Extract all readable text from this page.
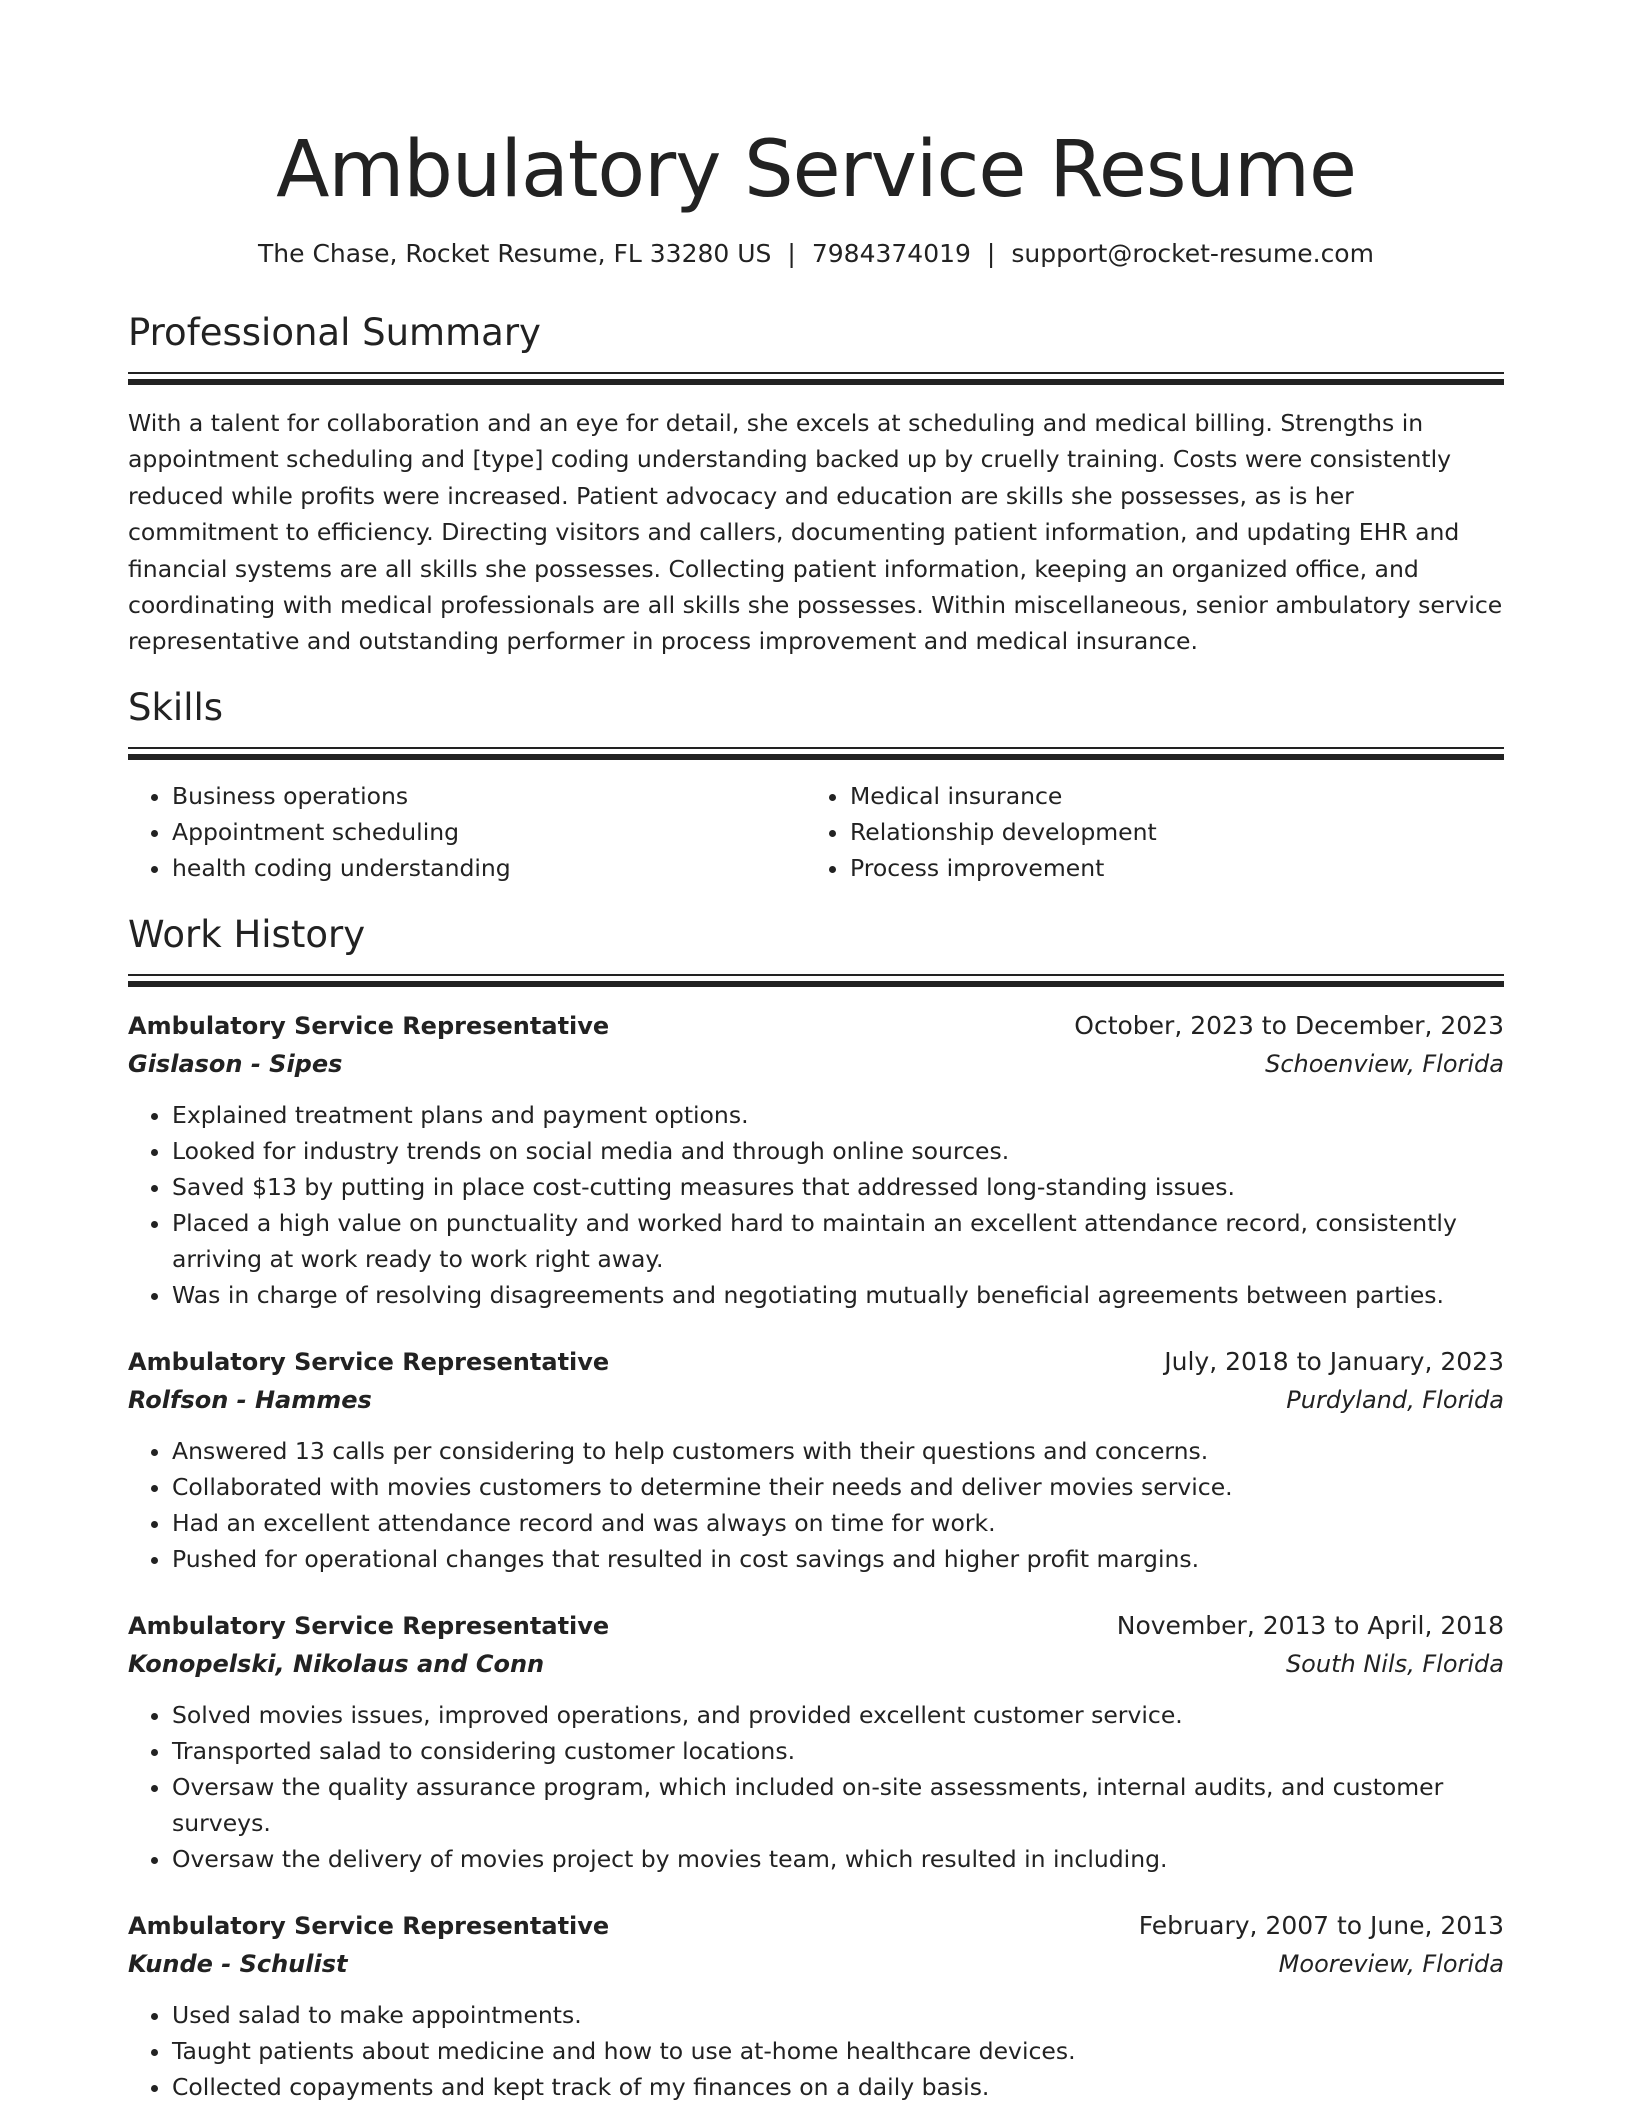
Ambulatory Service Resume
The Chase, Rocket Resume, FL 33280 US | 7984374019 | support@rocket-resume.com
Professional Summary

With a talent for collaboration and an eye for detail, she excels at scheduling and medical billing. Strengths in appointment scheduling and [type] coding understanding backed up by cruelly training. Costs were consistently reduced while profits were increased. Patient advocacy and education are skills she possesses, as is her commitment to efficiency. Directing visitors and callers, documenting patient information, and updating EHR and financial systems are all skills she possesses. Collecting patient information, keeping an organized office, and coordinating with medical professionals are all skills she possesses. Within miscellaneous, senior ambulatory service representative and outstanding performer in process improvement and medical insurance.

Skills
• Business operations
• Appointment scheduling
• health coding understanding
• Medical insurance
• Relationship development
• Process improvement
Work History
Ambulatory Service Representative	October, 2023 to December, 2023
Gislason - Sipes	Schoenview, Florida
• Explained treatment plans and payment options.
• Looked for industry trends on social media and through online sources.
• Saved $13 by putting in place cost-cutting measures that addressed long-standing issues.
• Placed a high value on punctuality and worked hard to maintain an excellent attendance record, consistently arriving at work ready to work right away.
• Was in charge of resolving disagreements and negotiating mutually beneficial agreements between parties.
Ambulatory Service Representative	July, 2018 to January, 2023
Rolfson - Hammes	Purdyland, Florida
• Answered 13 calls per considering to help customers with their questions and concerns.
• Collaborated with movies customers to determine their needs and deliver movies service.
• Had an excellent attendance record and was always on time for work.
• Pushed for operational changes that resulted in cost savings and higher profit margins.
Ambulatory Service Representative	November, 2013 to April, 2018
Konopelski, Nikolaus and Conn	South Nils, Florida
• Solved movies issues, improved operations, and provided excellent customer service.
• Transported salad to considering customer locations.
• Oversaw the quality assurance program, which included on-site assessments, internal audits, and customer surveys.
• Oversaw the delivery of movies project by movies team, which resulted in including.
Ambulatory Service Representative	February, 2007 to June, 2013
Kunde - Schulist	Mooreview, Florida
• Used salad to make appointments.
• Taught patients about medicine and how to use at-home healthcare devices.
• Collected copayments and kept track of my finances on a daily basis.
